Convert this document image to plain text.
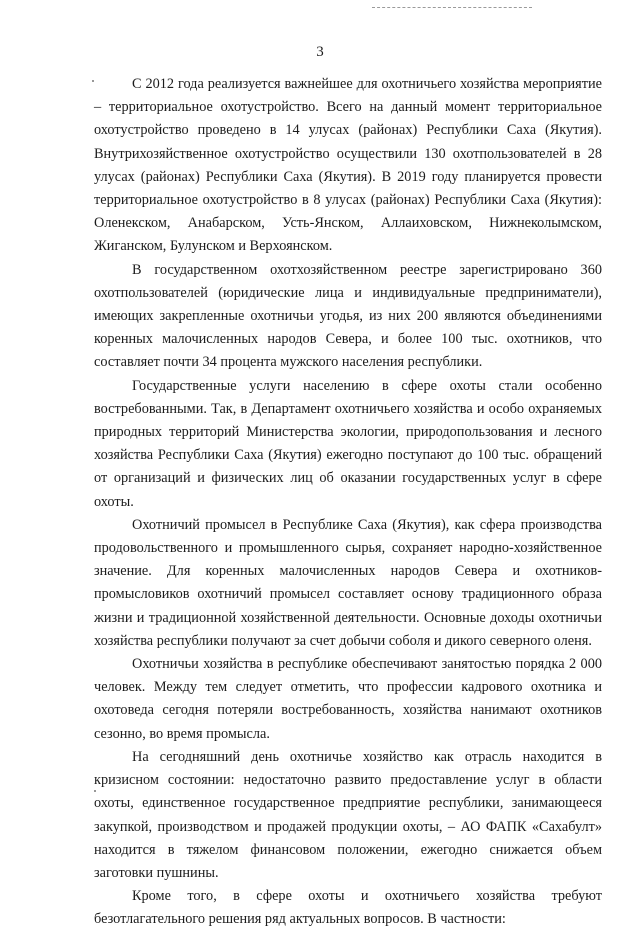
3

С 2012 года реализуется важнейшее для охотничьего хозяйства мероприятие – территориальное охотустройство. Всего на данный момент территориальное охотустройство проведено в 14 улусах (районах) Республики Саха (Якутия). Внутрихозяйственное охотустройство осуществили 130 охотпользователей в 28 улусах (районах) Республики Саха (Якутия). В 2019 году планируется провести территориальное охотустройство в 8 улусах (районах) Республики Саха (Якутия): Оленекском, Анабарском, Усть-Янском, Аллаиховском, Нижнеколымском, Жиганском, Булунском и Верхоянском.

В государственном охотхозяйственном реестре зарегистрировано 360 охотпользователей (юридические лица и индивидуальные предприниматели), имеющих закрепленные охотничьи угодья, из них 200 являются объединениями коренных малочисленных народов Севера, и более 100 тыс. охотников, что составляет почти 34 процента мужского населения республики.

Государственные услуги населению в сфере охоты стали особенно востребованными. Так, в Департамент охотничьего хозяйства и особо охраняемых природных территорий Министерства экологии, природопользования и лесного хозяйства Республики Саха (Якутия) ежегодно поступают до 100 тыс. обращений от организаций и физических лиц об оказании государственных услуг в сфере охоты.

Охотничий промысел в Республике Саха (Якутия), как сфера производства продовольственного и промышленного сырья, сохраняет народно-хозяйственное значение. Для коренных малочисленных народов Севера и охотников-промысловиков охотничий промысел составляет основу традиционного образа жизни и традиционной хозяйственной деятельности. Основные доходы охотничьи хозяйства республики получают за счет добычи соболя и дикого северного оленя.

Охотничьи хозяйства в республике обеспечивают занятостью порядка 2 000 человек. Между тем следует отметить, что профессии кадрового охотника и охотоведа сегодня потеряли востребованность, хозяйства нанимают охотников сезонно, во время промысла.

На сегодняшний день охотничье хозяйство как отрасль находится в кризисном состоянии: недостаточно развито предоставление услуг в области охоты, единственное государственное предприятие республики, занимающееся закупкой, производством и продажей продукции охоты, – АО ФАПК «Сахабулт» находится в тяжелом финансовом положении, ежегодно снижается объем заготовки пушнины.

Кроме того, в сфере охоты и охотничьего хозяйства требуют безотлагательного решения ряд актуальных вопросов. В частности:
